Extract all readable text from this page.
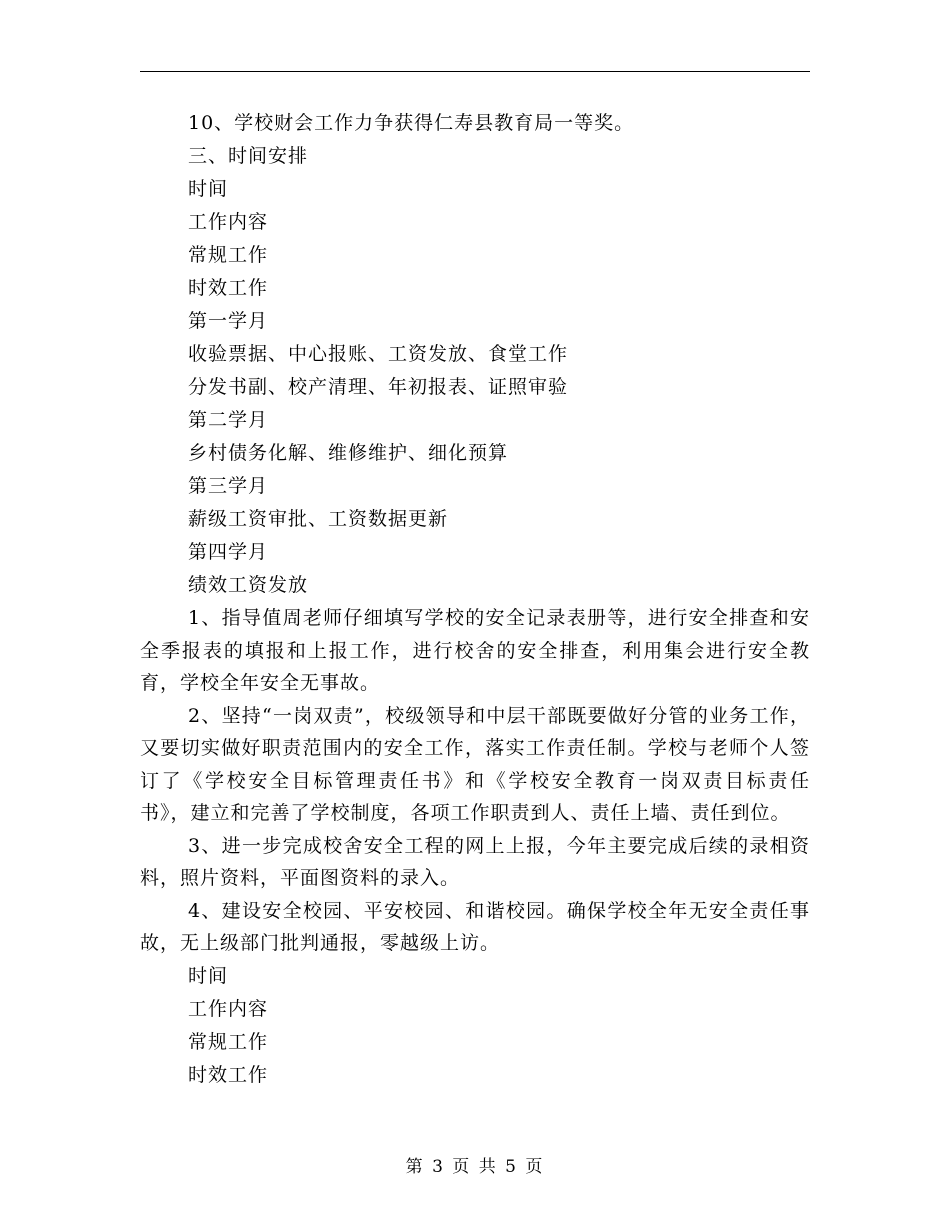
10、学校财会工作力争获得仁寿县教育局一等奖。
三、时间安排
时间
工作内容
常规工作
时效工作
第一学月
收验票据、中心报账、工资发放、食堂工作
分发书副、校产清理、年初报表、证照审验
第二学月
乡村债务化解、维修维护、细化预算
第三学月
薪级工资审批、工资数据更新
第四学月
绩效工资发放

1、指导值周老师仔细填写学校的安全记录表册等，进行安全排查和安全季报表的填报和上报工作，进行校舍的安全排查，利用集会进行安全教育，学校全年安全无事故。

2、坚持“一岗双责”，校级领导和中层干部既要做好分管的业务工作，又要切实做好职责范围内的安全工作，落实工作责任制。学校与老师个人签订了《学校安全目标管理责任书》和《学校安全教育一岗双责目标责任书》，建立和完善了学校制度，各项工作职责到人、责任上墙、责任到位。

3、进一步完成校舍安全工程的网上上报，今年主要完成后续的录相资料，照片资料，平面图资料的录入。

4、建设安全校园、平安校园、和谐校园。确保学校全年无安全责任事故，无上级部门批判通报，零越级上访。

时间
工作内容
常规工作
时效工作
第 3 页 共 5 页
